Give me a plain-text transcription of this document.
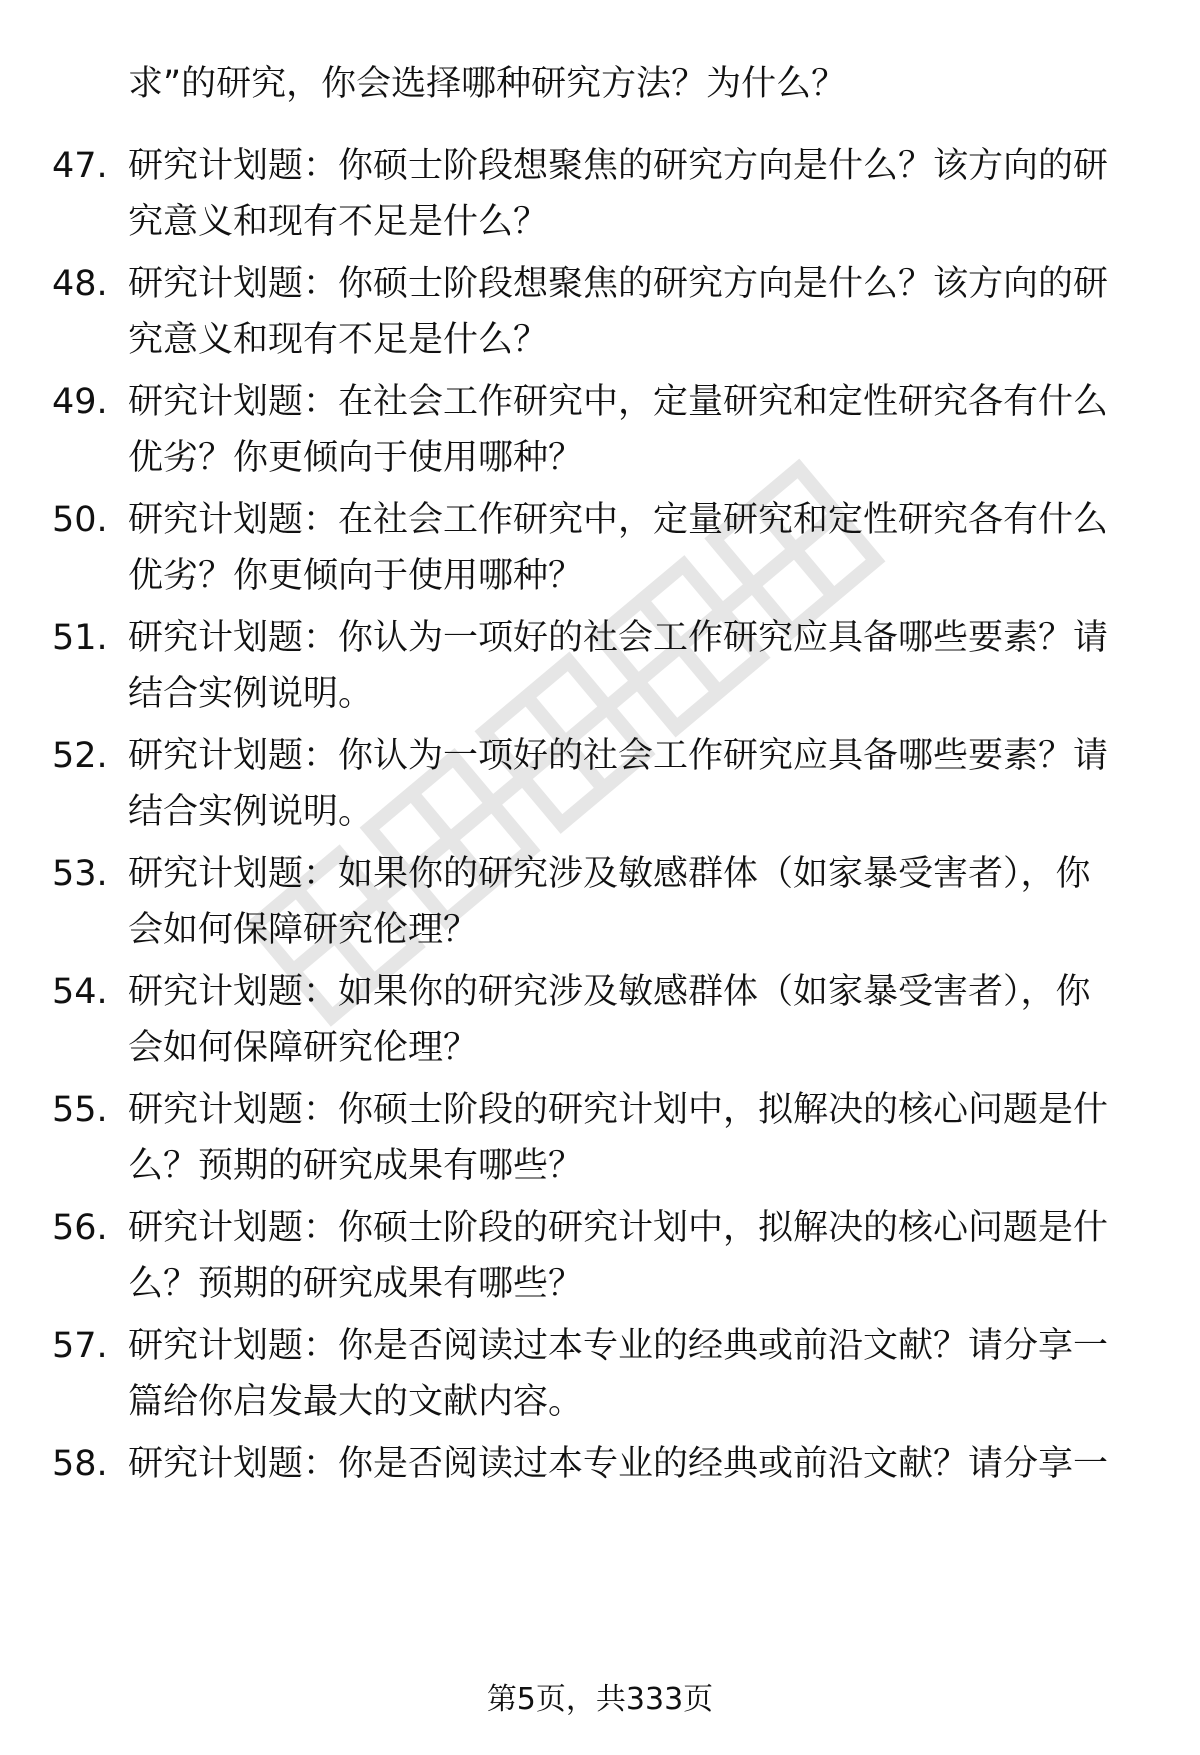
求”的研究，你会选择哪种研究方法？为什么？
47. 研究计划题：你硕士阶段想聚焦的研究方向是什么？该方向的研
究意义和现有不足是什么？
48. 研究计划题：你硕士阶段想聚焦的研究方向是什么？该方向的研
究意义和现有不足是什么？
49. 研究计划题：在社会工作研究中，定量研究和定性研究各有什么
优劣？你更倾向于使用哪种？
50. 研究计划题：在社会工作研究中，定量研究和定性研究各有什么
优劣？你更倾向于使用哪种？
51. 研究计划题：你认为一项好的社会工作研究应具备哪些要素？请
结合实例说明。
52. 研究计划题：你认为一项好的社会工作研究应具备哪些要素？请
结合实例说明。
53. 研究计划题：如果你的研究涉及敏感群体（如家暴受害者），你
会如何保障研究伦理？
54. 研究计划题：如果你的研究涉及敏感群体（如家暴受害者），你
会如何保障研究伦理？
55. 研究计划题：你硕士阶段的研究计划中，拟解决的核心问题是什
么？预期的研究成果有哪些？
56. 研究计划题：你硕士阶段的研究计划中，拟解决的核心问题是什
么？预期的研究成果有哪些？
57. 研究计划题：你是否阅读过本专业的经典或前沿文献？请分享一
篇给你启发最大的文献内容。
58. 研究计划题：你是否阅读过本专业的经典或前沿文献？请分享一
第5页，共333页
